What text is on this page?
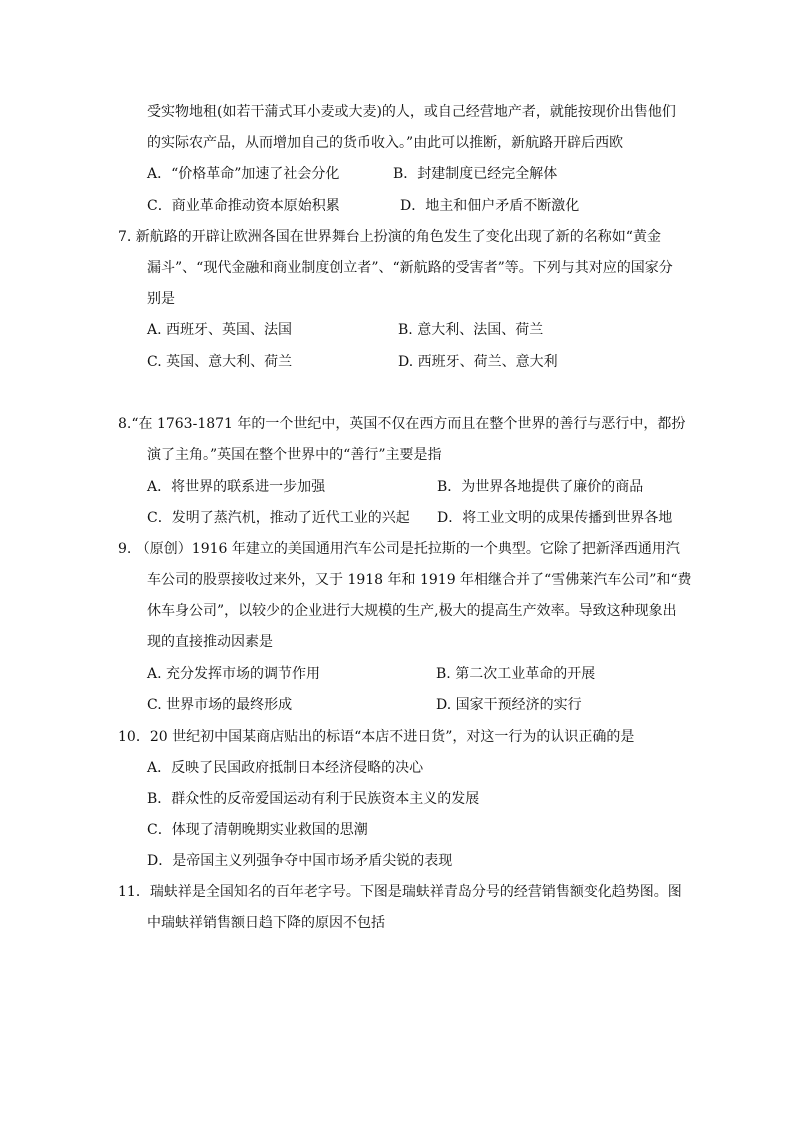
受实物地租(如若干蒲式耳小麦或大麦)的人，或自己经营地产者，就能按现价出售他们
的实际农产品，从而增加自己的货币收入。”由此可以推断，新航路开辟后西欧
A．“价格革命”加速了社会分化	B．封建制度已经完全解体
C．商业革命推动资本原始积累	D．地主和佃户矛盾不断激化
7. 新航路的开辟让欧洲各国在世界舞台上扮演的角色发生了变化出现了新的名称如“黄金
漏斗”、“现代金融和商业制度创立者”、“新航路的受害者”等。下列与其对应的国家分
别是
A. 西班牙、英国、法国	B. 意大利、法国、荷兰
C. 英国、意大利、荷兰	D. 西班牙、荷兰、意大利
8.“在 1763-1871 年的一个世纪中，英国不仅在西方而且在整个世界的善行与恶行中，都扮
演了主角。”英国在整个世界中的“善行”主要是指
A．将世界的联系进一步加强	B．为世界各地提供了廉价的商品
C．发明了蒸汽机，推动了近代工业的兴起 D．将工业文明的成果传播到世界各地
9. （原创）1916 年建立的美国通用汽车公司是托拉斯的一个典型。它除了把新泽西通用汽
车公司的股票接收过来外，又于 1918 年和 1919 年相继合并了“雪佛莱汽车公司”和“费
休车身公司”，以较少的企业进行大规模的生产,极大的提高生产效率。导致这种现象出
现的直接推动因素是
A. 充分发挥市场的调节作用	B. 第二次工业革命的开展
C. 世界市场的最终形成	D. 国家干预经济的实行
10．20 世纪初中国某商店贴出的标语“本店不进日货”，对这一行为的认识正确的是
A．反映了民国政府抵制日本经济侵略的决心
B．群众性的反帝爱国运动有利于民族资本主义的发展
C．体现了清朝晚期实业救国的思潮
D．是帝国主义列强争夺中国市场矛盾尖锐的表现
11．瑞蚨祥是全国知名的百年老字号。下图是瑞蚨祥青岛分号的经营销售额变化趋势图。图
中瑞蚨祥销售额日趋下降的原因不包括
